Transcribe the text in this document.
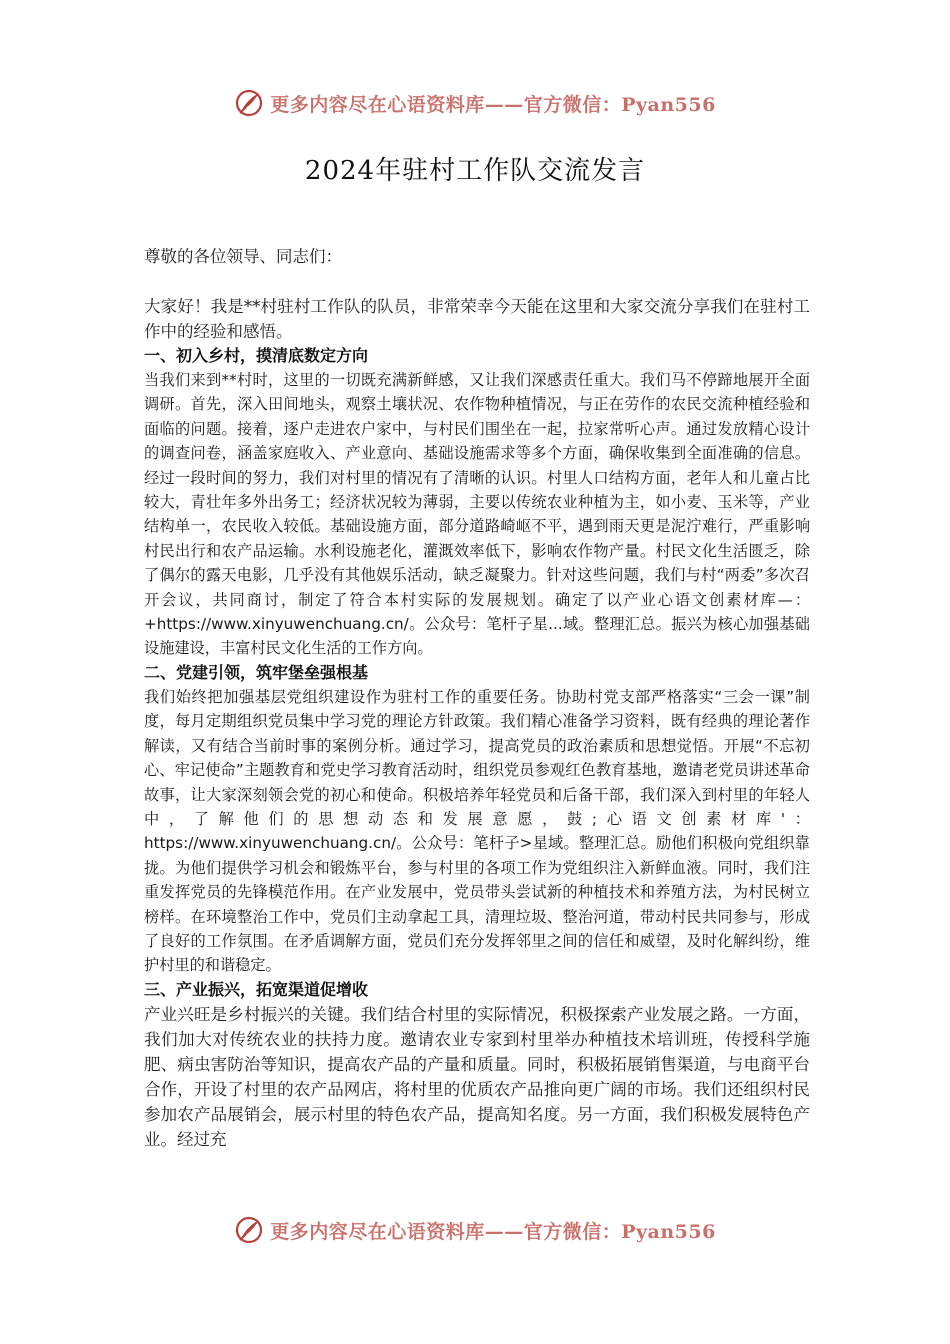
更多内容尽在心语资料库——官方微信：Pyan556
2024年驻村工作队交流发言

尊敬的各位领导、同志们：

大家好！我是**村驻村工作队的队员，非常荣幸今天能在这里和大家交流分享我们在驻村工作中的经验和感悟。

一、初入乡村，摸清底数定方向

当我们来到**村时，这里的一切既充满新鲜感，又让我们深感责任重大。我们马不停蹄地展开全面调研。首先，深入田间地头，观察土壤状况、农作物种植情况，与正在劳作的农民交流种植经验和面临的问题。接着，逐户走进农户家中，与村民们围坐在一起，拉家常听心声。通过发放精心设计的调查问卷，涵盖家庭收入、产业意向、基础设施需求等多个方面，确保收集到全面准确的信息。经过一段时间的努力，我们对村里的情况有了清晰的认识。村里人口结构方面，老年人和儿童占比较大，青壮年多外出务工；经济状况较为薄弱，主要以传统农业种植为主，如小麦、玉米等，产业结构单一，农民收入较低。基础设施方面，部分道路崎岖不平，遇到雨天更是泥泞难行，严重影响村民出行和农产品运输。水利设施老化，灌溉效率低下，影响农作物产量。村民文化生活匮乏，除了偶尔的露天电影，几乎没有其他娱乐活动，缺乏凝聚力。针对这些问题，我们与村“两委”多次召开会议，共同商讨，制定了符合本村实际的发展规划。确定了以产业心语文创素材库—：+https://www.xinyuwenchuang.cn/。公众号：笔杆子星...域。整理汇总。振兴为核心加强基础设施建设，丰富村民文化生活的工作方向。

二、党建引领，筑牢堡垒强根基

我们始终把加强基层党组织建设作为驻村工作的重要任务。协助村党支部严格落实“三会一课”制度，每月定期组织党员集中学习党的理论方针政策。我们精心准备学习资料，既有经典的理论著作解读，又有结合当前时事的案例分析。通过学习，提高党员的政治素质和思想觉悟。开展“不忘初心、牢记使命”主题教育和党史学习教育活动时，组织党员参观红色教育基地，邀请老党员讲述革命故事，让大家深刻领会党的初心和使命。积极培养年轻党员和后备干部，我们深入到村里的年轻人中，了解他们的思想动态和发展意愿，鼓;心语文创素材库'：https://www.xinyuwenchuang.cn/。公众号：笔杆子>星域。整理汇总。励他们积极向党组织靠拢。为他们提供学习机会和锻炼平台，参与村里的各项工作为党组织注入新鲜血液。同时，我们注重发挥党员的先锋模范作用。在产业发展中，党员带头尝试新的种植技术和养殖方法，为村民树立榜样。在环境整治工作中，党员们主动拿起工具，清理垃圾、整治河道，带动村民共同参与，形成了良好的工作氛围。在矛盾调解方面，党员们充分发挥邻里之间的信任和威望，及时化解纠纷，维护村里的和谐稳定。

三、产业振兴，拓宽渠道促增收

产业兴旺是乡村振兴的关键。我们结合村里的实际情况，积极探索产业发展之路。一方面，我们加大对传统农业的扶持力度。邀请农业专家到村里举办种植技术培训班，传授科学施肥、病虫害防治等知识，提高农产品的产量和质量。同时，积极拓展销售渠道，与电商平台合作，开设了村里的农产品网店，将村里的优质农产品推向更广阔的市场。我们还组织村民参加农产品展销会，展示村里的特色农产品，提高知名度。另一方面，我们积极发展特色产业。经过充

更多内容尽在心语资料库——官方微信：Pyan556
